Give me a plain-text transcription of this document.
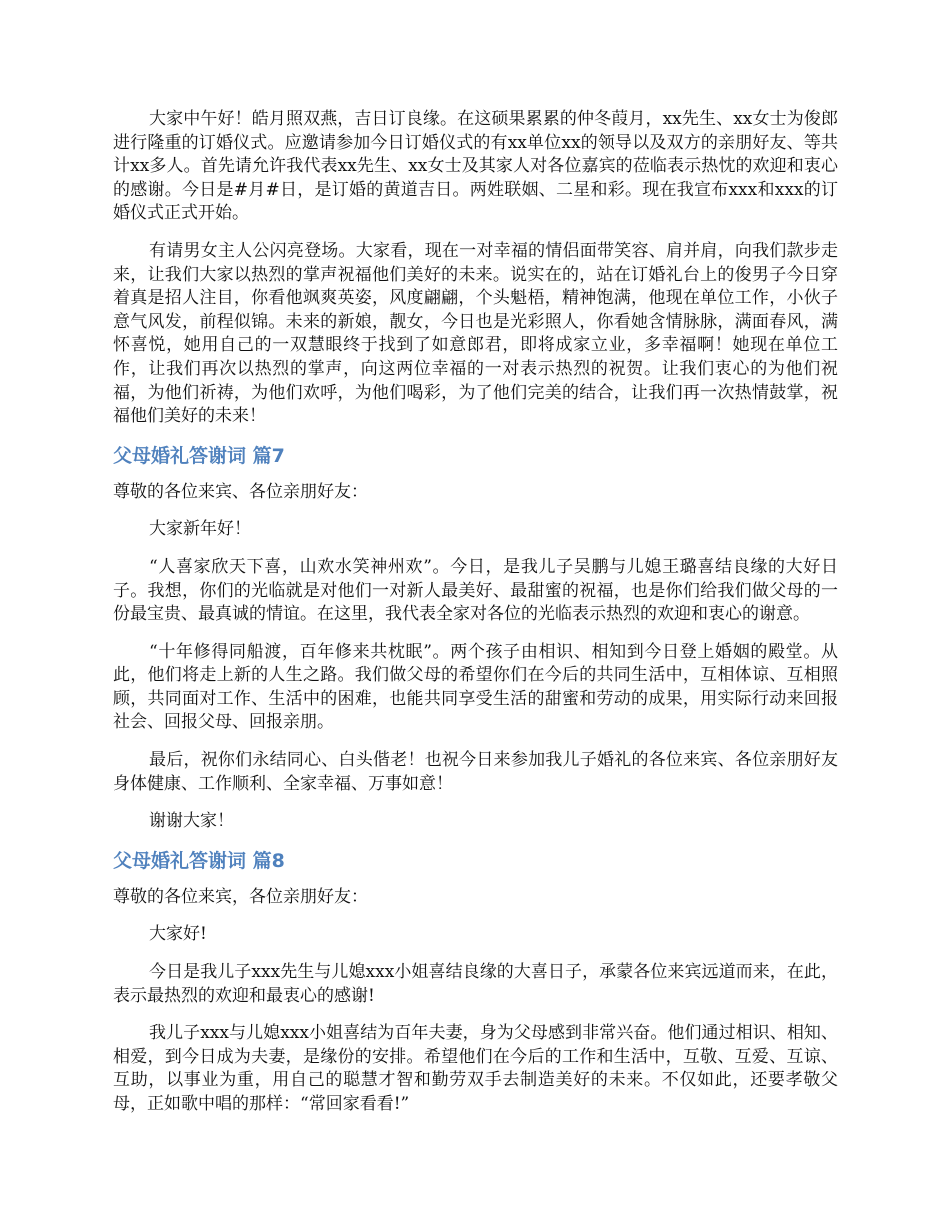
大家中午好！皓月照双燕，吉日订良缘。在这硕果累累的仲冬葭月，xx先生、xx女士为俊郎进行隆重的订婚仪式。应邀请参加今日订婚仪式的有xx单位xx的领导以及双方的亲朋好友、等共计xx多人。首先请允许我代表xx先生、xx女士及其家人对各位嘉宾的莅临表示热忱的欢迎和衷心的感谢。今日是#月#日，是订婚的黄道吉日。两姓联姻、二星和彩。现在我宣布xxx和xxx的订婚仪式正式开始。

有请男女主人公闪亮登场。大家看，现在一对幸福的情侣面带笑容、肩并肩，向我们款步走来，让我们大家以热烈的掌声祝福他们美好的未来。说实在的，站在订婚礼台上的俊男子今日穿着真是招人注目，你看他飒爽英姿，风度翩翩，个头魁梧，精神饱满，他现在单位工作，小伙子意气风发，前程似锦。未来的新娘，靓女，今日也是光彩照人，你看她含情脉脉，满面春风，满怀喜悦，她用自己的一双慧眼终于找到了如意郎君，即将成家立业，多幸福啊！她现在单位工作，让我们再次以热烈的掌声，向这两位幸福的一对表示热烈的祝贺。让我们衷心的为他们祝福，为他们祈祷，为他们欢呼，为他们喝彩，为了他们完美的结合，让我们再一次热情鼓掌，祝福他们美好的未来！

父母婚礼答谢词 篇7

尊敬的各位来宾、各位亲朋好友：

大家新年好！

“人喜家欣天下喜，山欢水笑神州欢”。今日，是我儿子吴鹏与儿媳王璐喜结良缘的大好日子。我想，你们的光临就是对他们一对新人最美好、最甜蜜的祝福，也是你们给我们做父母的一份最宝贵、最真诚的情谊。在这里，我代表全家对各位的光临表示热烈的欢迎和衷心的谢意。

“十年修得同船渡，百年修来共枕眠”。两个孩子由相识、相知到今日登上婚姻的殿堂。从此，他们将走上新的人生之路。我们做父母的希望你们在今后的共同生活中，互相体谅、互相照顾，共同面对工作、生活中的困难，也能共同享受生活的甜蜜和劳动的成果，用实际行动来回报社会、回报父母、回报亲朋。

最后，祝你们永结同心、白头偕老！也祝今日来参加我儿子婚礼的各位来宾、各位亲朋好友身体健康、工作顺利、全家幸福、万事如意！

谢谢大家！

父母婚礼答谢词 篇8

尊敬的各位来宾，各位亲朋好友：

大家好!

今日是我儿子xxx先生与儿媳xxx小姐喜结良缘的大喜日子，承蒙各位来宾远道而来，在此，表示最热烈的欢迎和最衷心的感谢!

我儿子xxx与儿媳xxx小姐喜结为百年夫妻，身为父母感到非常兴奋。他们通过相识、相知、相爱，到今日成为夫妻，是缘份的安排。希望他们在今后的工作和生活中，互敬、互爱、互谅、互助，以事业为重，用自己的聪慧才智和勤劳双手去制造美好的未来。不仅如此，还要孝敬父母，正如歌中唱的那样：“常回家看看!”
